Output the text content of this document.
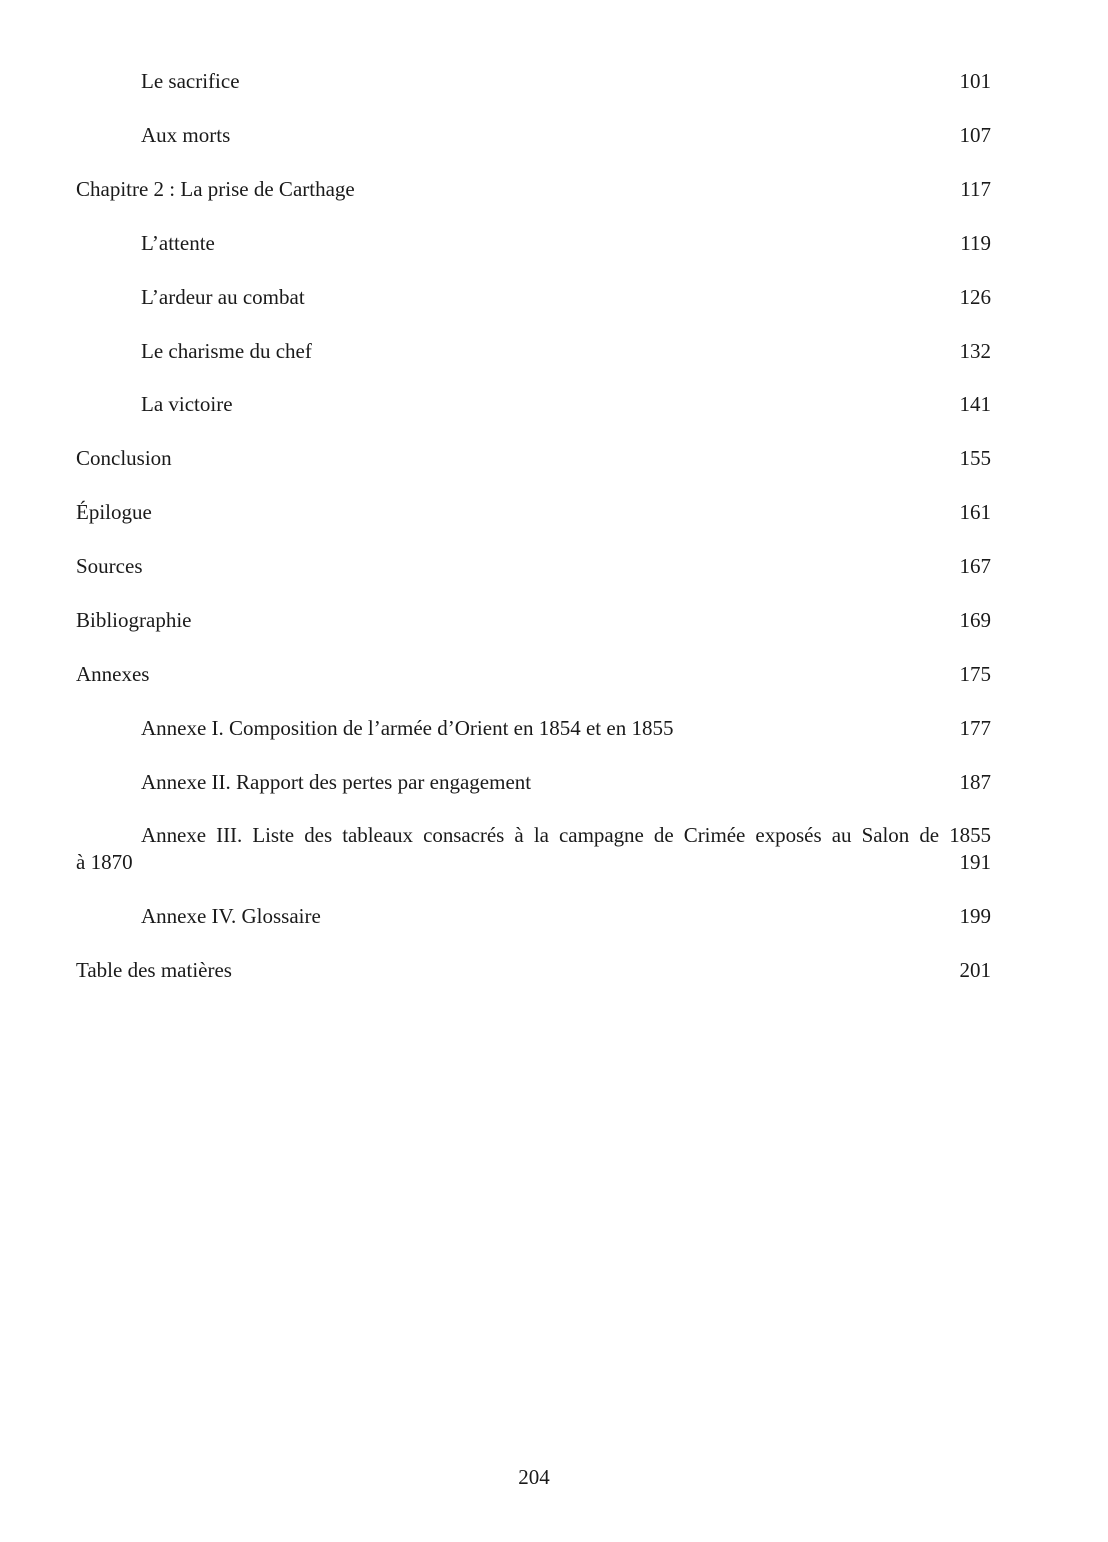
Le sacrifice	101
Aux morts	107
Chapitre 2 : La prise de Carthage	117
L’attente	119
L’ardeur au combat	126
Le charisme du chef	132
La victoire	141
Conclusion	155
Épilogue	161
Sources	167
Bibliographie	169
Annexes	175
Annexe I. Composition de l’armée d’Orient en 1854 et en 1855	177
Annexe II. Rapport des pertes par engagement	187
Annexe III. Liste des tableaux consacrés à la campagne de Crimée exposés au Salon de 1855
à 1870	191
Annexe IV. Glossaire	199
Table des matières	201
204
